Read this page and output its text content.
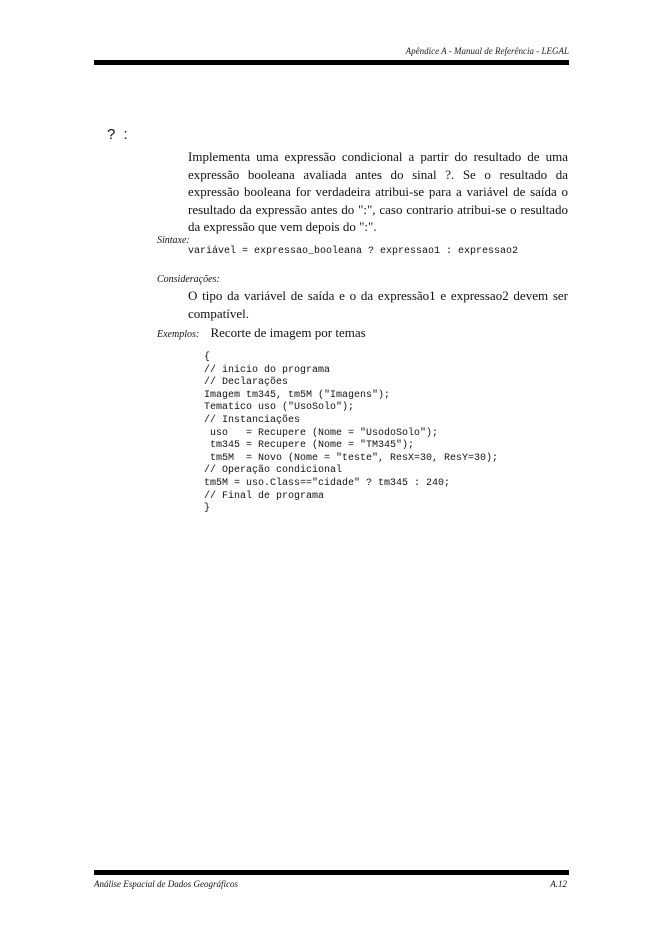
Apêndice A - Manual de Referência - LEGAL
? :

Implementa uma expressão condicional a partir do resultado de uma expressão booleana avaliada antes do sinal ?. Se o resultado da expressão booleana for verdadeira atribui-se para a variável de saída o resultado da expressão antes do ":", caso contrario atribui-se o resultado da expressão que vem depois do ":".

Sintaxe:
variável = expressao_booleana ? expressao1 : expressao2
Considerações:

O tipo da variável de saída e o da expressão1 e expressao2 devem ser compatível.

Exemplos: Recorte de imagem por temas
{
// inicio do programa
// Declarações
Imagem tm345, tm5M ("Imagens");
Tematico uso ("UsoSolo");
// Instanciações
uso   = Recupere (Nome = "UsodoSolo");
tm345 = Recupere (Nome = "TM345");
tm5M  = Novo (Nome = "teste", ResX=30, ResY=30);
// Operação condicional
tm5M = uso.Class=="cidade" ? tm345 : 240;
// Final de programa
}
Análise Espacial de Dados Geográficos	A.12
